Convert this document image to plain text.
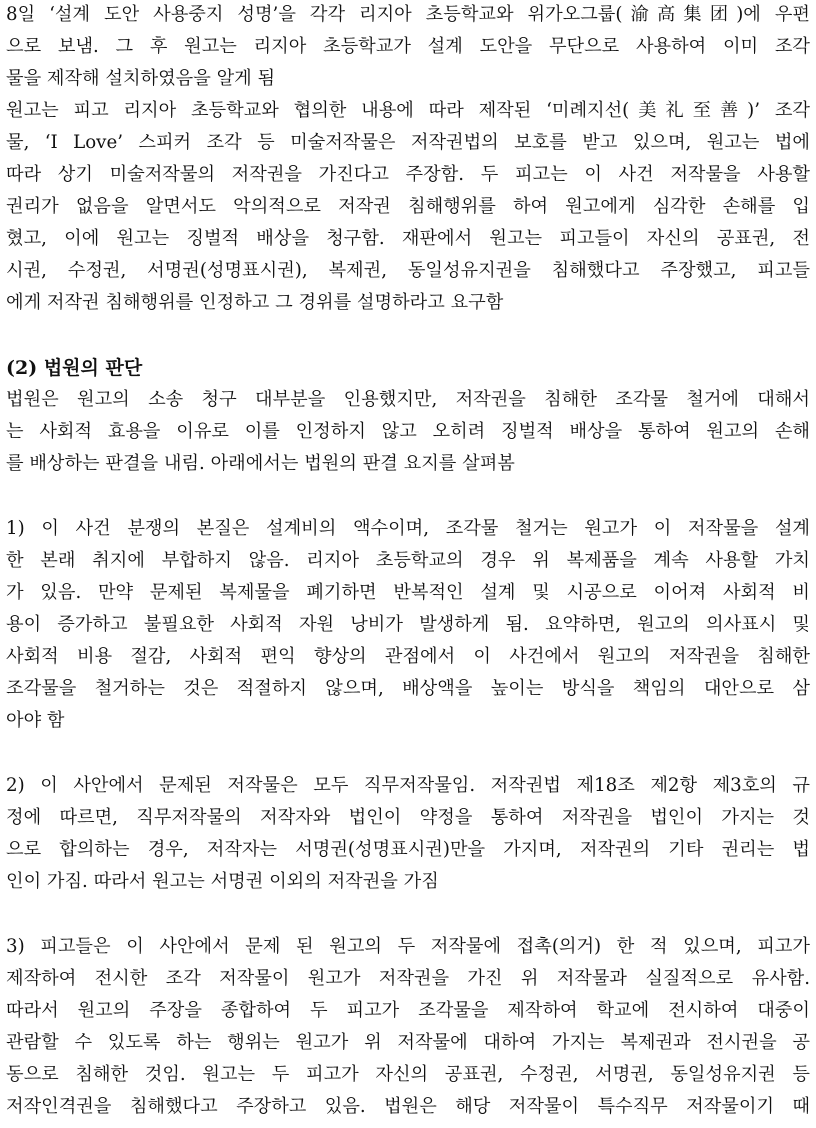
8일 ‘설계 도안 사용중지 성명’을 각각 리지아 초등학교와 위가오그룹(渝高集团)에 우편
으로 보냄. 그 후 원고는 리지아 초등학교가 설계 도안을 무단으로 사용하여 이미 조각
물을 제작해 설치하였음을 알게 됨
원고는 피고 리지아 초등학교와 협의한 내용에 따라 제작된 ‘미례지선(美礼至善)’ 조각
물, ‘I Love’ 스피커 조각 등 미술저작물은 저작권법의 보호를 받고 있으며, 원고는 법에
따라 상기 미술저작물의 저작권을 가진다고 주장함. 두 피고는 이 사건 저작물을 사용할
권리가 없음을 알면서도 악의적으로 저작권 침해행위를 하여 원고에게 심각한 손해를 입
혔고, 이에 원고는 징벌적 배상을 청구함. 재판에서 원고는 피고들이 자신의 공표권, 전
시권, 수정권, 서명권(성명표시권), 복제권, 동일성유지권을 침해했다고 주장했고, 피고들
에게 저작권 침해행위를 인정하고 그 경위를 설명하라고 요구함
(2) 법원의 판단
법원은 원고의 소송 청구 대부분을 인용했지만, 저작권을 침해한 조각물 철거에 대해서
는 사회적 효용을 이유로 이를 인정하지 않고 오히려 징벌적 배상을 통하여 원고의 손해
를 배상하는 판결을 내림. 아래에서는 법원의 판결 요지를 살펴봄
1) 이 사건 분쟁의 본질은 설계비의 액수이며, 조각물 철거는 원고가 이 저작물을 설계
한 본래 취지에 부합하지 않음. 리지아 초등학교의 경우 위 복제품을 계속 사용할 가치
가 있음. 만약 문제된 복제물을 폐기하면 반복적인 설계 및 시공으로 이어져 사회적 비
용이 증가하고 불필요한 사회적 자원 낭비가 발생하게 됨. 요약하면, 원고의 의사표시 및
사회적 비용 절감, 사회적 편익 향상의 관점에서 이 사건에서 원고의 저작권을 침해한
조각물을 철거하는 것은 적절하지 않으며, 배상액을 높이는 방식을 책임의 대안으로 삼
아야 함
2) 이 사안에서 문제된 저작물은 모두 직무저작물임. 저작권법 제18조 제2항 제3호의 규
정에 따르면, 직무저작물의 저작자와 법인이 약정을 통하여 저작권을 법인이 가지는 것
으로 합의하는 경우, 저작자는 서명권(성명표시권)만을 가지며, 저작권의 기타 권리는 법
인이 가짐. 따라서 원고는 서명권 이외의 저작권을 가짐
3) 피고들은 이 사안에서 문제 된 원고의 두 저작물에 접촉(의거) 한 적 있으며, 피고가
제작하여 전시한 조각 저작물이 원고가 저작권을 가진 위 저작물과 실질적으로 유사함.
따라서 원고의 주장을 종합하여 두 피고가 조각물을 제작하여 학교에 전시하여 대중이
관람할 수 있도록 하는 행위는 원고가 위 저작물에 대하여 가지는 복제권과 전시권을 공
동으로 침해한 것임. 원고는 두 피고가 자신의 공표권, 수정권, 서명권, 동일성유지권 등
저작인격권을 침해했다고 주장하고 있음. 법원은 해당 저작물이 특수직무 저작물이기 때
